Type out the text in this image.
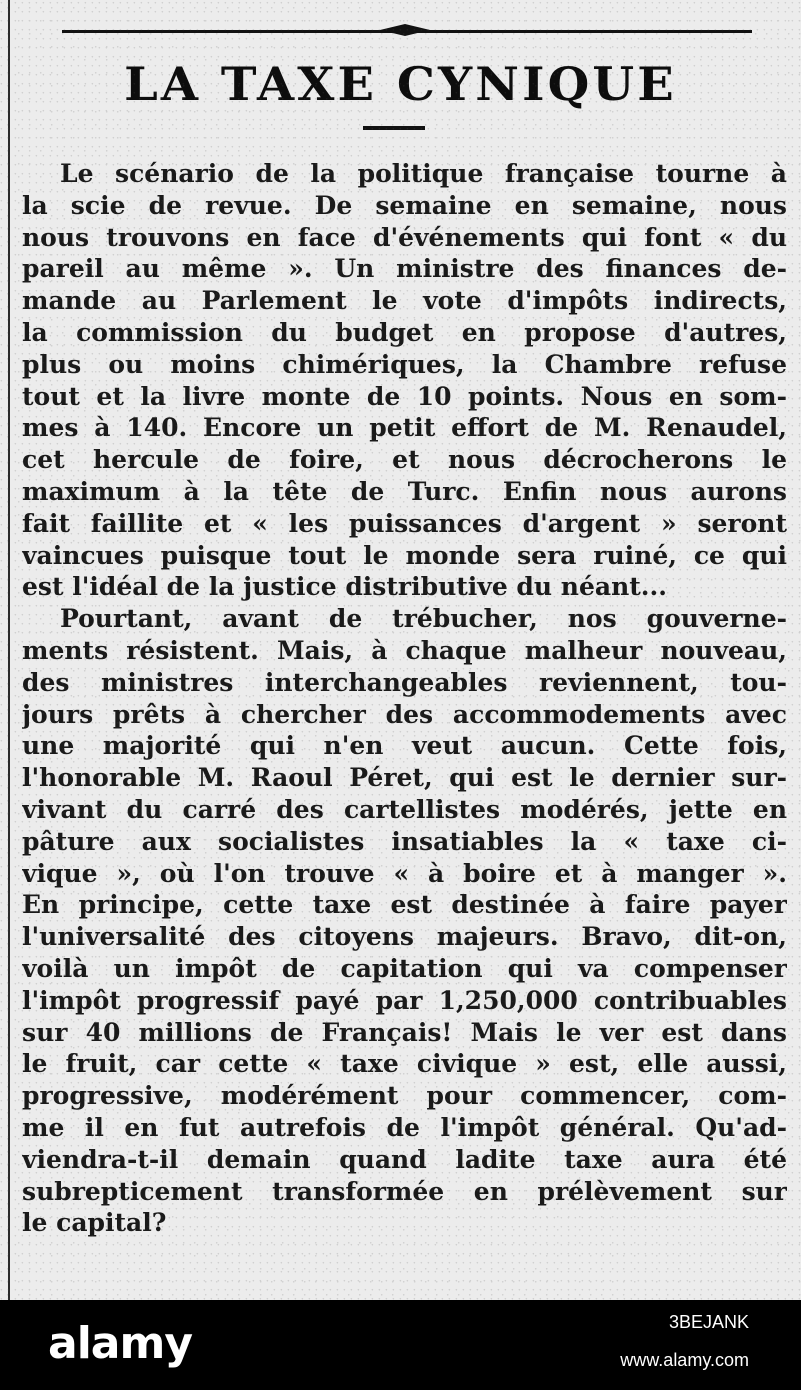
LA TAXE CYNIQUE
Le scénario de la politique française tourne à
la scie de revue. De semaine en semaine, nous
nous trouvons en face d'événements qui font « du
pareil au même ». Un ministre des finances de-
mande au Parlement le vote d'impôts indirects,
la commission du budget en propose d'autres,
plus ou moins chimériques, la Chambre refuse
tout et la livre monte de 10 points. Nous en som-
mes à 140. Encore un petit effort de M. Renaudel,
cet hercule de foire, et nous décrocherons le
maximum à la tête de Turc. Enfin nous aurons
fait faillite et « les puissances d'argent » seront
vaincues puisque tout le monde sera ruiné, ce qui
est l'idéal de la justice distributive du néant...
Pourtant, avant de trébucher, nos gouverne-
ments résistent. Mais, à chaque malheur nouveau,
des ministres interchangeables reviennent, tou-
jours prêts à chercher des accommodements avec
une majorité qui n'en veut aucun. Cette fois,
l'honorable M. Raoul Péret, qui est le dernier sur-
vivant du carré des cartellistes modérés, jette en
pâture aux socialistes insatiables la « taxe ci-
vique », où l'on trouve « à boire et à manger ».
En principe, cette taxe est destinée à faire payer
l'universalité des citoyens majeurs. Bravo, dit-on,
voilà un impôt de capitation qui va compenser
l'impôt progressif payé par 1,250,000 contribuables
sur 40 millions de Français! Mais le ver est dans
le fruit, car cette « taxe civique » est, elle aussi,
progressive, modérément pour commencer, com-
me il en fut autrefois de l'impôt général. Qu'ad-
viendra-t-il demain quand ladite taxe aura été
subrepticement transformée en prélèvement sur
le capital?
alamy	3BEJANK
www.alamy.com
